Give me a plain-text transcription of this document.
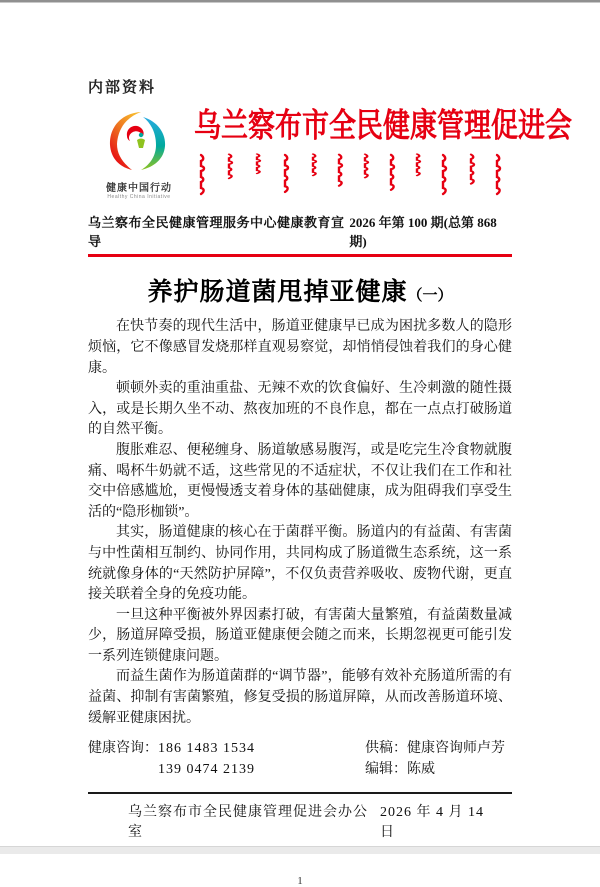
内部资料
健康中国行动
Healthy China Initiative
乌兰察布市全民健康管理促进会
乌兰察布全民健康管理服务中心健康教育宣导
2026 年第 100 期(总第 868 期)
养护肠道菌甩掉亚健康（一）

在快节奏的现代生活中，肠道亚健康早已成为困扰多数人的隐形烦恼，它不像感冒发烧那样直观易察觉，却悄悄侵蚀着我们的身心健康。

顿顿外卖的重油重盐、无辣不欢的饮食偏好、生冷刺激的随性摄入，或是长期久坐不动、熬夜加班的不良作息，都在一点点打破肠道的自然平衡。

腹胀难忍、便秘缠身、肠道敏感易腹泻，或是吃完生冷食物就腹痛、喝杯牛奶就不适，这些常见的不适症状，不仅让我们在工作和社交中倍感尴尬，更慢慢透支着身体的基础健康，成为阻碍我们享受生活的“隐形枷锁”。

其实，肠道健康的核心在于菌群平衡。肠道内的有益菌、有害菌与中性菌相互制约、协同作用，共同构成了肠道微生态系统，这一系统就像身体的“天然防护屏障”，不仅负责营养吸收、废物代谢，更直接关联着全身的免疫功能。

一旦这种平衡被外界因素打破，有害菌大量繁殖，有益菌数量减少，肠道屏障受损，肠道亚健康便会随之而来，长期忽视更可能引发一系列连锁健康问题。

而益生菌作为肠道菌群的“调节器”，能够有效补充肠道所需的有益菌、抑制有害菌繁殖，修复受损的肠道屏障，从而改善肠道环境、缓解亚健康困扰。

健康咨询： 186 1483 1534
139 0474 2139
供稿：健康咨询师卢芳
编辑：陈威
乌兰察布市全民健康管理促进会办公室
2026 年 4 月 14 日
1
